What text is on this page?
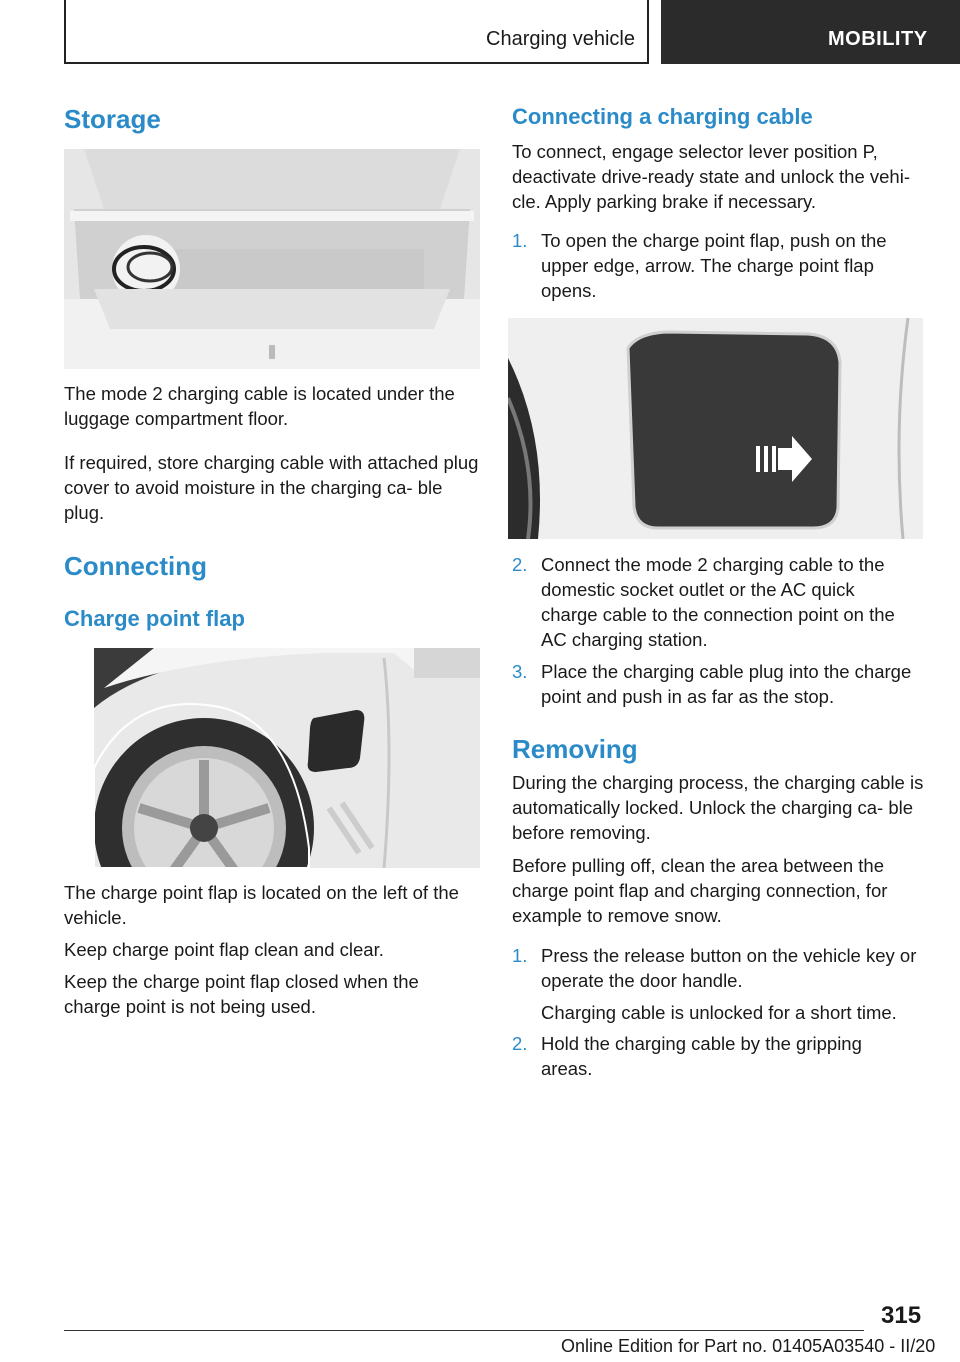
Charging vehicle	MOBILITY
Storage

The mode 2 charging cable is located under the luggage compartment floor.

If required, store charging cable with attached plug cover to avoid moisture in the charging ca- ble plug.

Connecting
Charge point flap

The charge point flap is located on the left of the vehicle.

Keep charge point flap clean and clear.

Keep the charge point flap closed when the charge point is not being used.

Connecting a charging cable

To connect, engage selector lever position P, deactivate drive-ready state and unlock the vehi- cle. Apply parking brake if necessary.

1. To open the charge point flap, push on the upper edge, arrow. The charge point flap opens.
2. Connect the mode 2 charging cable to the domestic socket outlet or the AC quick charge cable to the connection point on the AC charging station.
3. Place the charging cable plug into the charge point and push in as far as the stop.
Removing

During the charging process, the charging cable is automatically locked. Unlock the charging ca- ble before removing.

Before pulling off, clean the area between the charge point flap and charging connection, for example to remove snow.

1. Press the release button on the vehicle key or operate the door handle.
Charging cable is unlocked for a short time.
2. Hold the charging cable by the gripping areas.
315
Online Edition for Part no. 01405A03540 - II/20
